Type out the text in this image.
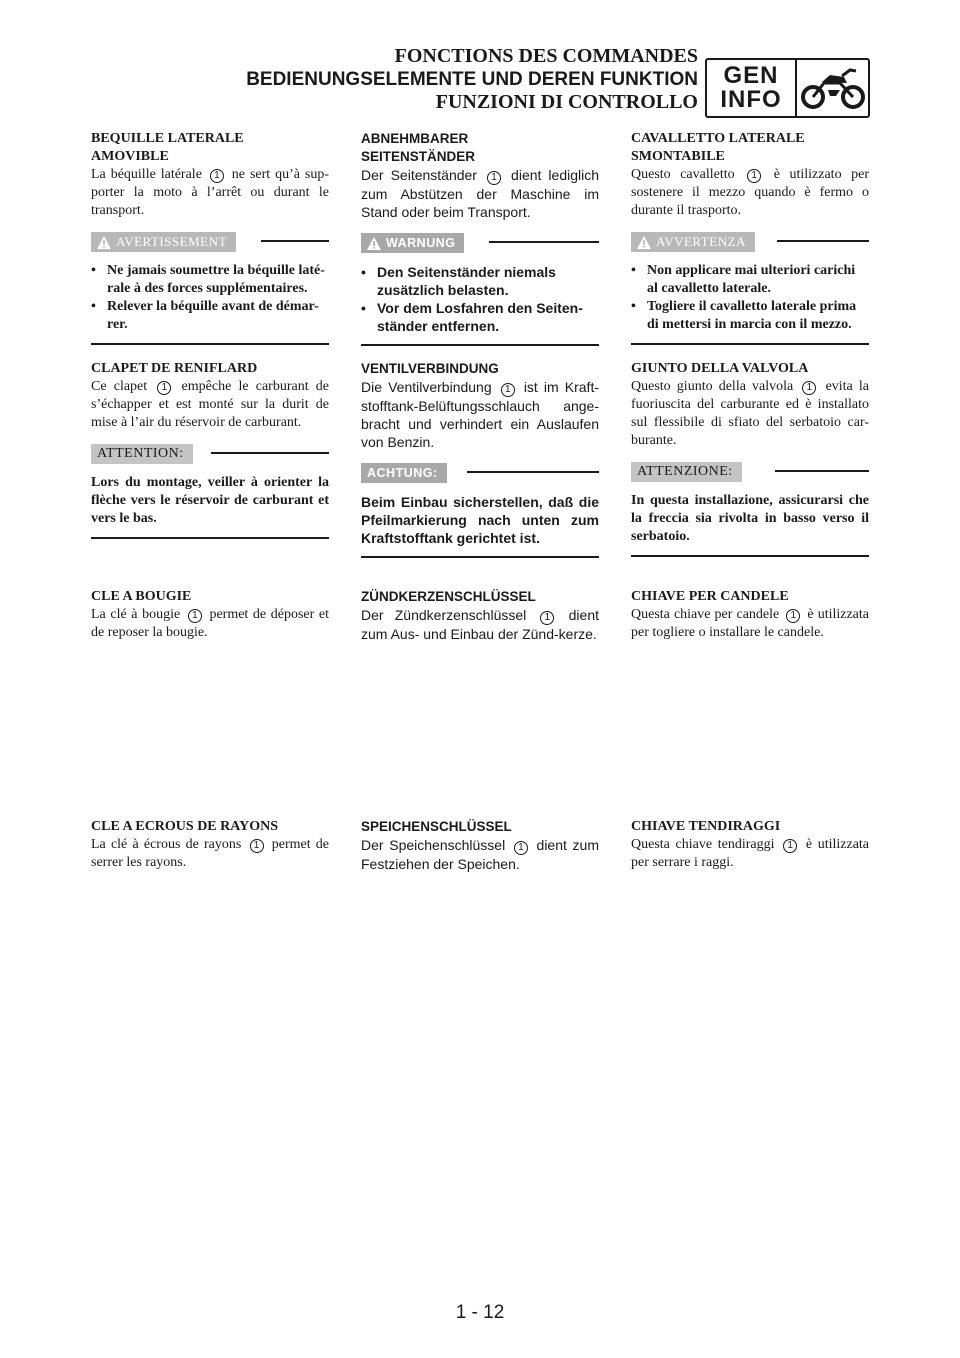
FONCTIONS DES COMMANDES
BEDIENUNGSELEMENTE UND DEREN FUNKTION
FUNZIONI DI CONTROLLO
GEN
INFO
BEQUILLE LATERALE
AMOVIBLE
La béquille latérale 1 ne sert qu’à sup-porter la moto à l’arrêt ou durant le transport.
AVERTISSEMENT
• Ne jamais soumettre la béquille laté-rale à des forces supplémentaires.
• Relever la béquille avant de démar-rer.
CLAPET DE RENIFLARD
Ce clapet 1 empêche le carburant de s’échapper et est monté sur la durit de mise à l’air du réservoir de carburant.
ATTENTION:
Lors du montage, veiller à orienter la flèche vers le réservoir de carburant et vers le bas.
CLE A BOUGIE
La clé à bougie 1 permet de déposer et de reposer la bougie.
CLE A ECROUS DE RAYONS
La clé à écrous de rayons 1 permet de serrer les rayons.
ABNEHMBARER
SEITENSTÄNDER
Der Seitenständer 1 dient lediglich zum Abstützen der Maschine im Stand oder beim Transport.
WARNUNG
• Den Seitenständer niemals zusätzlich belasten.
• Vor dem Losfahren den Seiten-ständer entfernen.
VENTILVERBINDUNG
Die Ventilverbindung 1 ist im Kraft-stofftank-Belüftungsschlauch ange-bracht und verhindert ein Auslaufen von Benzin.
ACHTUNG:
Beim Einbau sicherstellen, daß die Pfeilmarkierung nach unten zum Kraftstofftank gerichtet ist.
ZÜNDKERZENSCHLÜSSEL
Der Zündkerzenschlüssel 1 dient zum Aus- und Einbau der Zünd-kerze.
SPEICHENSCHLÜSSEL
Der Speichenschlüssel 1 dient zum Festziehen der Speichen.
CAVALLETTO LATERALE
SMONTABILE
Questo cavalletto 1 è utilizzato per sostenere il mezzo quando è fermo o durante il trasporto.
AVVERTENZA
• Non applicare mai ulteriori carichi al cavalletto laterale.
• Togliere il cavalletto laterale prima di mettersi in marcia con il mezzo.
GIUNTO DELLA VALVOLA
Questo giunto della valvola 1 evita la fuoriuscita del carburante ed è installato sul flessibile di sfiato del serbatoio car-burante.
ATTENZIONE:
In questa installazione, assicurarsi che la freccia sia rivolta in basso verso il serbatoio.
CHIAVE PER CANDELE
Questa chiave per candele 1 è utilizzata per togliere o installare le candele.
CHIAVE TENDIRAGGI
Questa chiave tendiraggi 1 è utilizzata per serrare i raggi.
1 - 12
